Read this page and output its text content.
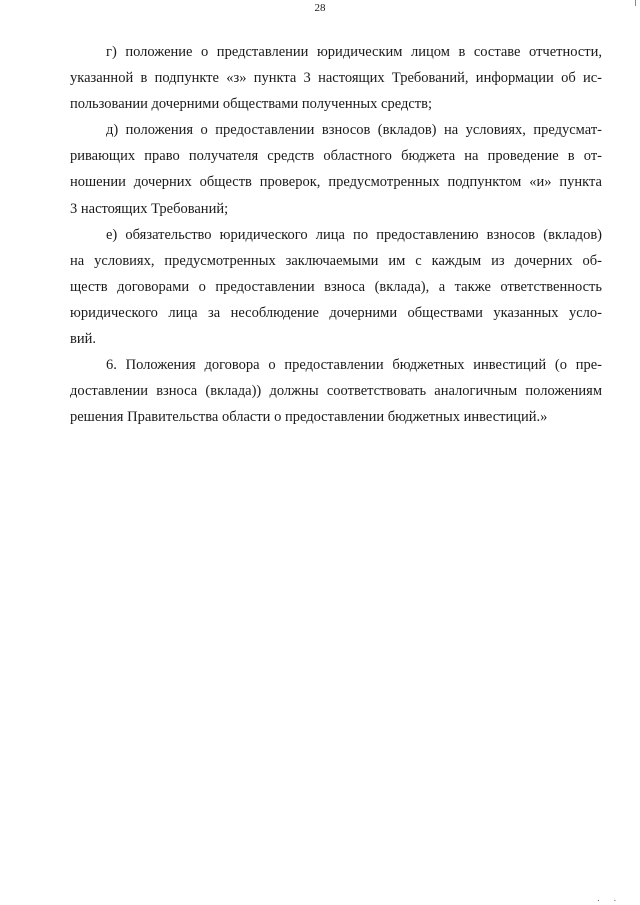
28
г) положение о представлении юридическим лицом в составе отчетности,
указанной в подпункте «з» пункта 3 настоящих Требований, информации об ис-
пользовании дочерними обществами полученных средств;
д) положения о предоставлении взносов (вкладов) на условиях, предусмат-
ривающих право получателя средств областного бюджета на проведение в от-
ношении дочерних обществ проверок, предусмотренных подпунктом «и» пункта
3 настоящих Требований;
е) обязательство юридического лица по предоставлению взносов (вкладов)
на условиях, предусмотренных заключаемыми им с каждым из дочерних об-
ществ договорами о предоставлении взноса (вклада), а также ответственность
юридического лица за несоблюдение дочерними обществами указанных усло-
вий.
6. Положения договора о предоставлении бюджетных инвестиций (о пре-
доставлении взноса (вклада)) должны соответствовать аналогичным положениям
решения Правительства области о предоставлении бюджетных инвестиций.»
. .
